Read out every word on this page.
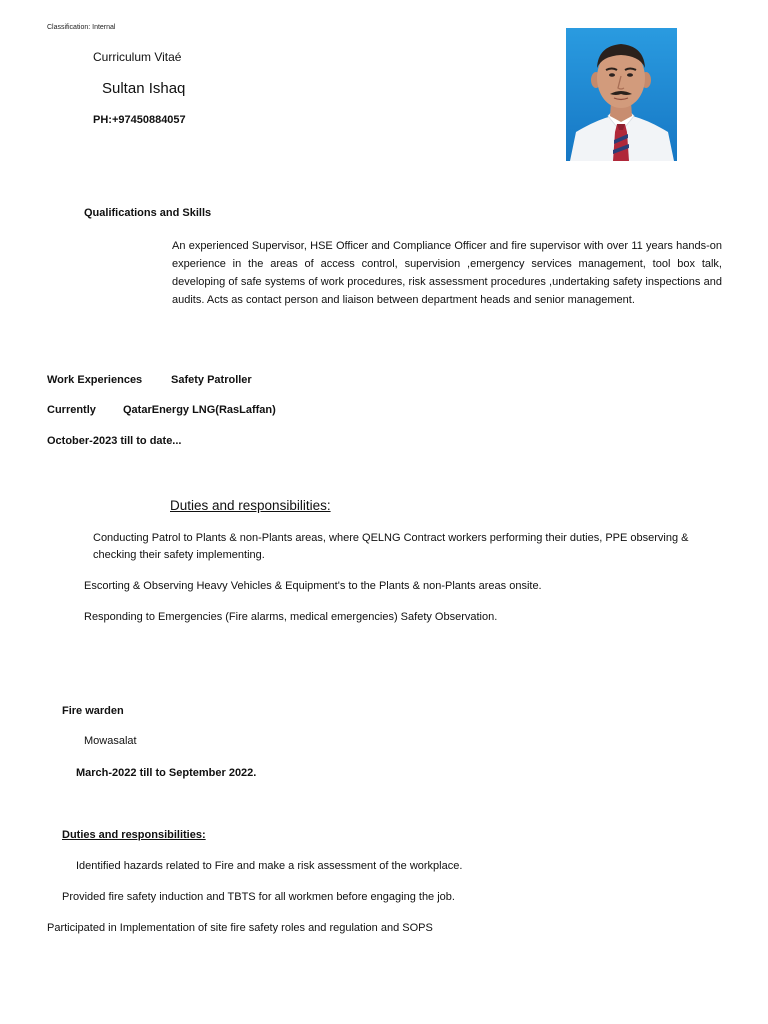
Classification: Internal
Curriculum Vitaé
Sultan Ishaq
PH:+97450884057
Qualifications and Skills
An experienced Supervisor, HSE Officer and Compliance Officer and fire supervisor with over 11 years hands-on experience in the areas of access control, supervision ,emergency services management, tool box talk, developing of safe systems of work procedures, risk assessment procedures ,undertaking safety inspections and audits. Acts as contact person and liaison between department heads and senior management.
Work Experiences	Safety Patroller
Currently QatarEnergy LNG(RasLaffan)
October-2023 till to date...
Duties and responsibilities:
Conducting Patrol to Plants & non-Plants areas, where QELNG Contract workers performing their duties, PPE observing & checking their safety implementing.
Escorting & Observing Heavy Vehicles & Equipment's to the Plants & non-Plants areas onsite.
Responding to Emergencies (Fire alarms, medical emergencies) Safety Observation.
Fire warden
Mowasalat
March-2022 till to September 2022.
Duties and responsibilities:
Identified hazards related to Fire and make a risk assessment of the workplace.
Provided fire safety induction and TBTS for all workmen before engaging the job.
Participated in Implementation of site fire safety roles and regulation and SOPS
